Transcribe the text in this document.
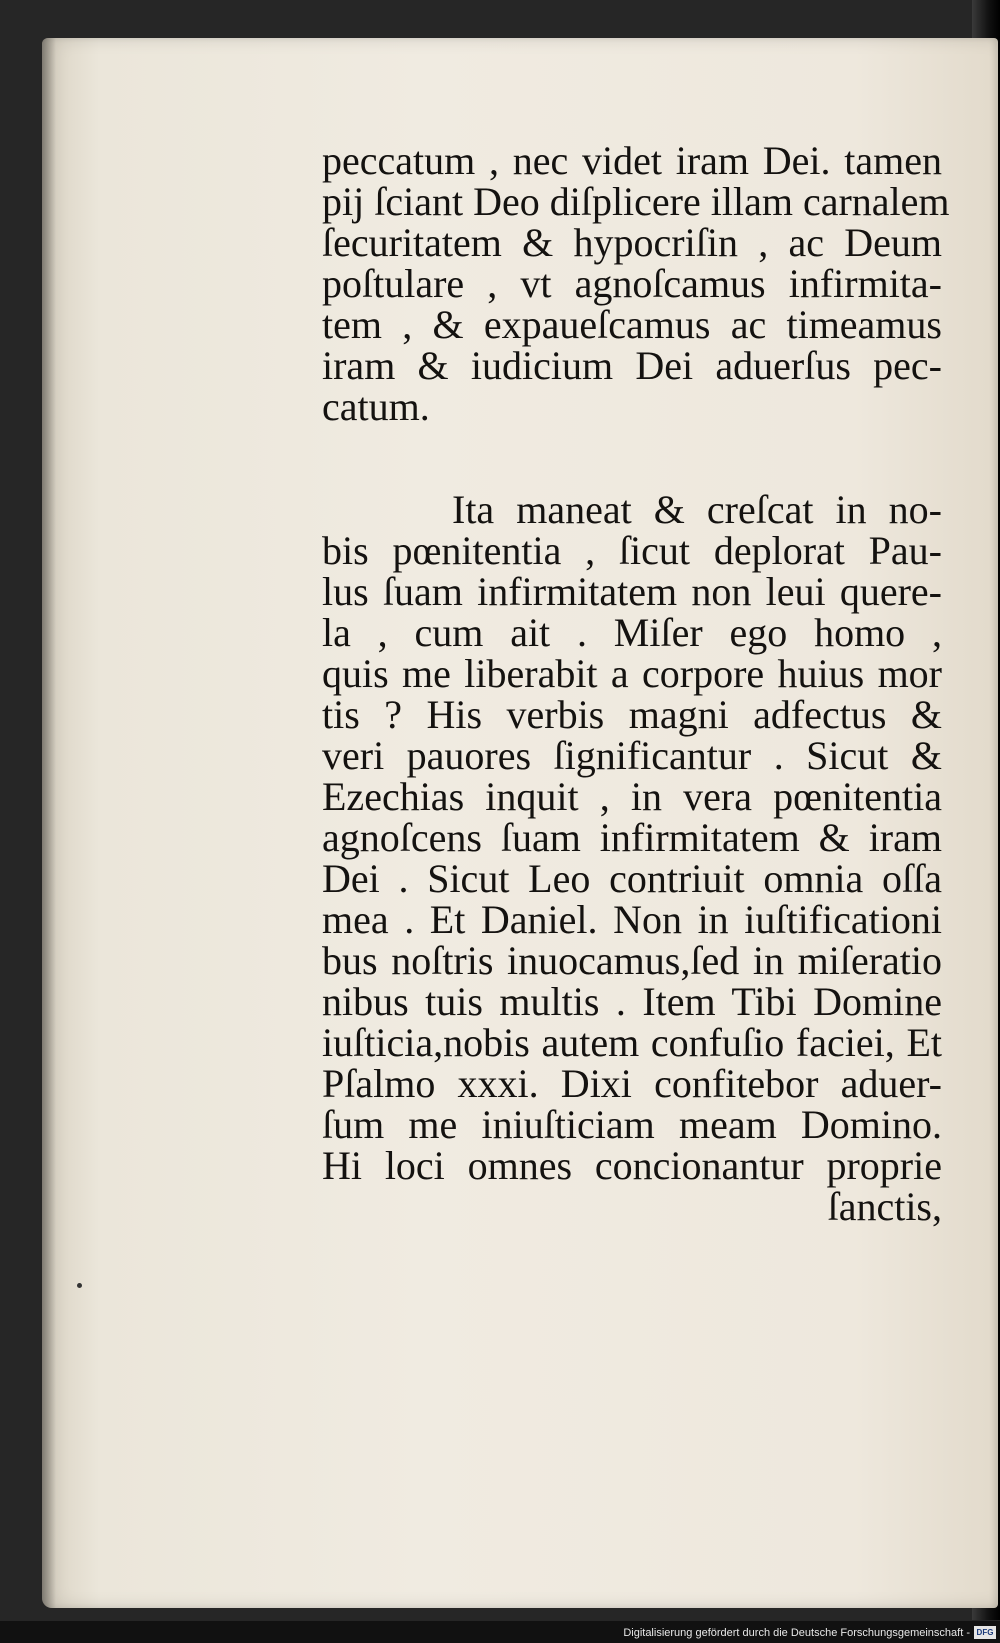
peccatum , nec videt iram Dei. tamen
pij ſciant Deo diſplicere illam carnalem
ſecuritatem & hypocriſin , ac Deum
poſtulare , vt agnoſcamus infirmita-
tem , & expaueſcamus ac timeamus
iram & iudicium Dei aduerſus pec-
catum.
Ita maneat & creſcat in no-
bis pœnitentia , ſicut deplorat Pau-
lus ſuam infirmitatem non leui quere-
la , cum ait . Miſer ego homo ,
quis me liberabit a corpore huius mor
tis ? His verbis magni adfectus &
veri pauores ſignificantur . Sicut &
Ezechias inquit , in vera pœnitentia
agnoſcens ſuam infirmitatem & iram
Dei . Sicut Leo contriuit omnia oſſa
mea . Et Daniel. Non in iuſtificationi
bus noſtris inuocamus,ſed in miſeratio
nibus tuis multis . Item Tibi Domine
iuſticia,nobis autem confuſio faciei, Et
Pſalmo xxxi. Dixi confitebor aduer-
ſum me iniuſticiam meam Domino.
Hi loci omnes concionantur proprie
ſanctis,
Digitalisierung gefördert durch die Deutsche Forschungsgemeinschaft - DFG
